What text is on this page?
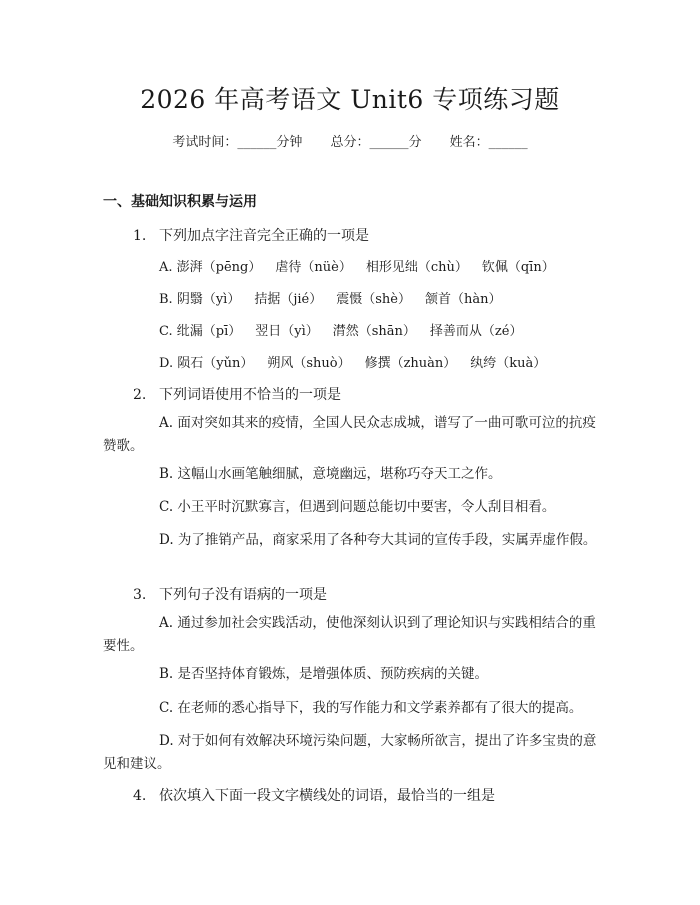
2026 年高考语文 Unit6 专项练习题
考试时间：______分钟 总分：______分 姓名：______
一、基础知识积累与运用
1. 下列加点字注音完全正确的一项是
A. 澎湃（pēng） 虐待（nüè） 相形见绌（chù） 钦佩（qīn）
B. 阴翳（yì） 拮据（jié） 震慑（shè） 颔首（hàn）
C. 纰漏（pī） 翌日（yì） 潸然（shān） 择善而从（zé）
D. 陨石（yǔn） 朔风（shuò） 修撰（zhuàn） 纨绔（kuà）
2. 下列词语使用不恰当的一项是
A. 面对突如其来的疫情，全国人民众志成城，谱写了一曲可歌可泣的抗疫赞歌。
B. 这幅山水画笔触细腻，意境幽远，堪称巧夺天工之作。
C. 小王平时沉默寡言，但遇到问题总能切中要害，令人刮目相看。
D. 为了推销产品，商家采用了各种夸大其词的宣传手段，实属弄虚作假。
3. 下列句子没有语病的一项是
A. 通过参加社会实践活动，使他深刻认识到了理论知识与实践相结合的重要性。
B. 是否坚持体育锻炼，是增强体质、预防疾病的关键。
C. 在老师的悉心指导下，我的写作能力和文学素养都有了很大的提高。
D. 对于如何有效解决环境污染问题，大家畅所欲言，提出了许多宝贵的意见和建议。
4. 依次填入下面一段文字横线处的词语，最恰当的一组是
